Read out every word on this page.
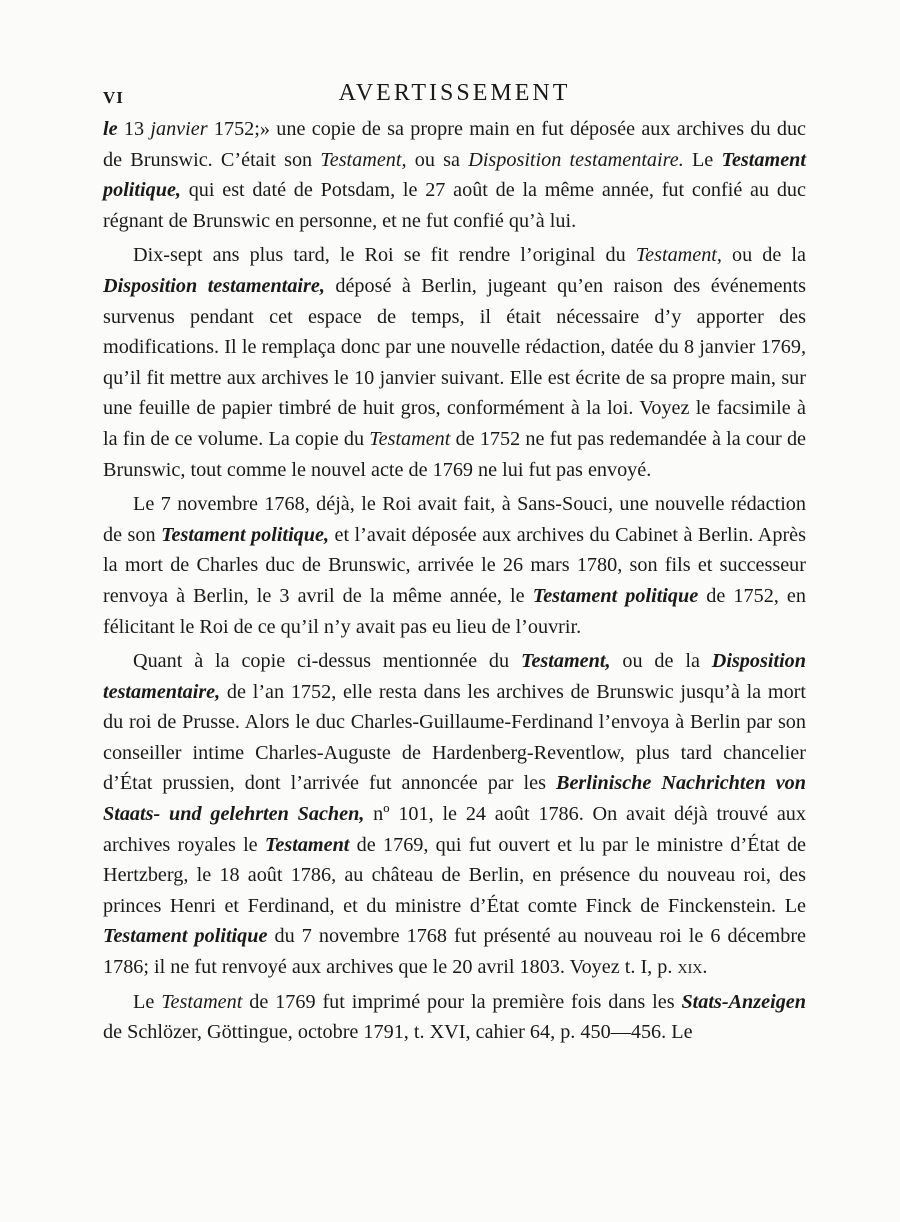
VI	AVERTISSEMENT

le 13 janvier 1752;» une copie de sa propre main en fut déposée aux archives du duc de Brunswic. C’était son Testament, ou sa Disposition testamentaire. Le Testament politique, qui est daté de Potsdam, le 27 août de la même année, fut confié au duc régnant de Brunswic en personne, et ne fut confié qu’à lui.

Dix-sept ans plus tard, le Roi se fit rendre l’original du Testament, ou de la Disposition testamentaire, déposé à Berlin, jugeant qu’en raison des événements survenus pendant cet espace de temps, il était nécessaire d’y apporter des modifications. Il le remplaça donc par une nouvelle rédaction, datée du 8 janvier 1769, qu’il fit mettre aux archives le 10 janvier suivant. Elle est écrite de sa propre main, sur une feuille de papier timbré de huit gros, conformément à la loi. Voyez le facsimile à la fin de ce volume. La copie du Testament de 1752 ne fut pas redemandée à la cour de Brunswic, tout comme le nouvel acte de 1769 ne lui fut pas envoyé.

Le 7 novembre 1768, déjà, le Roi avait fait, à Sans-Souci, une nouvelle rédaction de son Testament politique, et l’avait déposée aux archives du Cabinet à Berlin. Après la mort de Charles duc de Brunswic, arrivée le 26 mars 1780, son fils et successeur renvoya à Berlin, le 3 avril de la même année, le Testament politique de 1752, en félicitant le Roi de ce qu’il n’y avait pas eu lieu de l’ouvrir.

Quant à la copie ci-dessus mentionnée du Testament, ou de la Disposition testamentaire, de l’an 1752, elle resta dans les archives de Brunswic jusqu’à la mort du roi de Prusse. Alors le duc Charles-Guillaume-Ferdinand l’envoya à Berlin par son conseiller intime Charles-Auguste de Hardenberg-Reventlow, plus tard chancelier d’État prussien, dont l’arrivée fut annoncée par les Berlinische Nachrichten von Staats- und gelehrten Sachen, nº 101, le 24 août 1786. On avait déjà trouvé aux archives royales le Testament de 1769, qui fut ouvert et lu par le ministre d’État de Hertzberg, le 18 août 1786, au château de Berlin, en présence du nouveau roi, des princes Henri et Ferdinand, et du ministre d’État comte Finck de Finckenstein. Le Testament politique du 7 novembre 1768 fut présenté au nouveau roi le 6 décembre 1786; il ne fut renvoyé aux archives que le 20 avril 1803. Voyez t. I, p. xix.

Le Testament de 1769 fut imprimé pour la première fois dans les Stats-Anzeigen de Schlözer, Göttingue, octobre 1791, t. XVI, cahier 64, p. 450—456. Le
